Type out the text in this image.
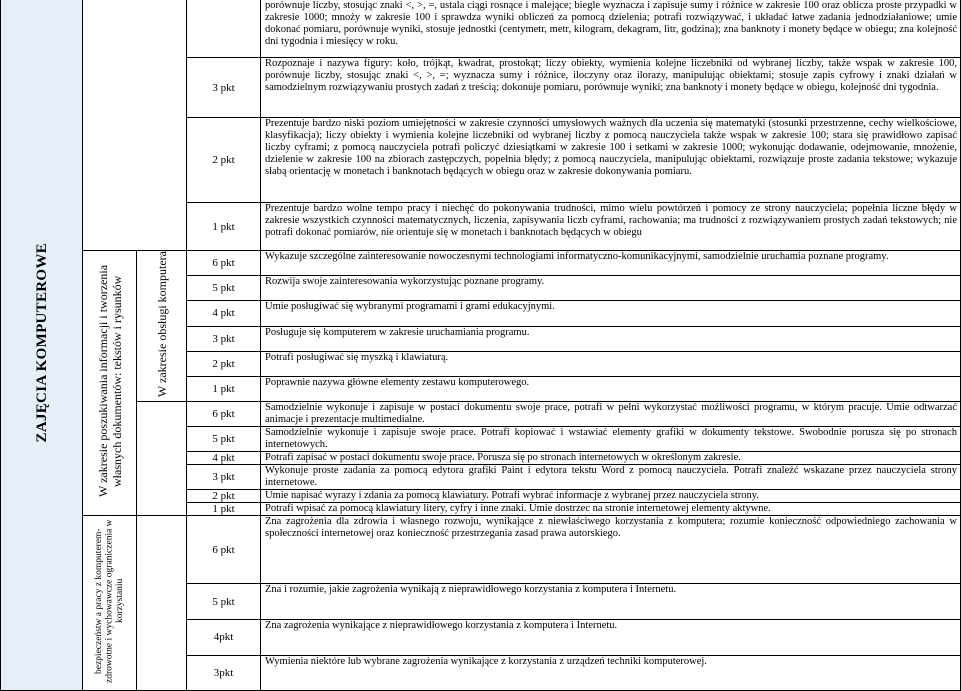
ZAJĘCIA KOMPUTEROWE				porównuje liczby, stosując znaki <, >, =, ustala ciągi rosnące i malejące; biegle wyznacza i zapisuje sumy i różnice w zakresie 100 oraz oblicza proste przypadki w zakresie 1000; mnoży w zakresie 100 i sprawdza wyniki obliczeń za pomocą dzielenia; potrafi rozwiązywać, i układać łatwe zadania jednodziałaniowe; umie dokonać pomiaru, porównuje wyniki, stosuje jednostki (centymetr, metr, kilogram, dekagram, litr, godzina); zna banknoty i monety będące w obiegu; zna kolejność dni tygodnia i miesięcy w roku.
			3 pkt	Rozpoznaje i nazywa figury: koło, trójkąt, kwadrat, prostokąt; liczy obiekty, wymienia kolejne liczebniki od wybranej liczby, także wspak w zakresie 100, porównuje liczby, stosując znaki <, >, =; wyznacza sumy i różnice, iloczyny oraz ilorazy, manipulując obiektami; stosuje zapis cyfrowy i znaki działań w samodzielnym rozwiązywaniu prostych zadań z treścią; dokonuje pomiaru, porównuje wyniki; zna banknoty i monety będące w obiegu, kolejność dni tygodnia.
			2 pkt	Prezentuje bardzo niski poziom umiejętności w zakresie czynności umysłowych ważnych dla uczenia się matematyki (stosunki przestrzenne, cechy wielkościowe, klasyfikacja); liczy obiekty i wymienia kolejne liczebniki od wybranej liczby z pomocą nauczyciela także wspak w zakresie 100; stara się prawidłowo zapisać liczby cyframi; z pomocą nauczyciela potrafi policzyć dziesiątkami w zakresie 100 i setkami w zakresie 1000; wykonując dodawanie, odejmowanie, mnożenie, dzielenie w zakresie 100 na zbiorach zastępczych, popełnia błędy; z pomocą nauczyciela, manipulując obiektami, rozwiązuje proste zadania tekstowe; wykazuje słabą orientację w monetach i banknotach będących w obiegu oraz w zakresie dokonywania pomiaru.
			1 pkt	Prezentuje bardzo wolne tempo pracy i niechęć do pokonywania trudności, mimo wielu powtórzeń i pomocy ze strony nauczyciela; popełnia liczne błędy w zakresie wszystkich czynności matematycznych, liczenia, zapisywania liczb cyframi, rachowania; ma trudności z rozwiązywaniem prostych zadań tekstowych; nie potrafi dokonać pomiarów, nie orientuje się w monetach i banknotach będących w obiegu
	W zakresie poszukiwania informacji i tworzenia własnych dokumentów: tekstów i rysunków	W zakresie obsługi komputera	6 pkt	Wykazuje szczególne zainteresowanie nowoczesnymi technologiami informatyczno-komunikacyjnymi, samodzielnie uruchamia poznane programy.
			5 pkt	Rozwija swoje zainteresowania wykorzystując poznane programy.
			4 pkt	Umie posługiwać się wybranymi programami i grami edukacyjnymi.
			3 pkt	Posługuje się komputerem w zakresie uruchamiania programu.
			2 pkt	Potrafi posługiwać się myszką i klawiaturą.
			1 pkt	Poprawnie nazywa główne elementy zestawu komputerowego.
			6 pkt	Samodzielnie wykonuje i zapisuje w postaci dokumentu swoje prace, potrafi w pełni wykorzystać możliwości programu, w którym pracuje. Umie odtwarzać animacje i prezentacje multimedialne.
			5 pkt	Samodzielnie wykonuje i zapisuje swoje prace. Potrafi kopiować i wstawiać elementy grafiki w dokumenty tekstowe. Swobodnie porusza się po stronach internetowych.
			4 pkt	Potrafi zapisać w postaci dokumentu swoje prace. Porusza się po stronach internetowych w określonym zakresie.
			3 pkt	Wykonuje proste zadania za pomocą edytora grafiki Paint i edytora tekstu Word z pomocą nauczyciela. Potrafi znaleźć wskazane przez nauczyciela strony internetowe.
			2 pkt	Umie napisać wyrazy i zdania za pomocą klawiatury. Potrafi wybrać informacje z wybranej przez nauczyciela strony.
			1 pkt	Potrafi wpisać za pomocą klawiatury litery, cyfry i inne znaki. Umie dostrzec na stronie internetowej elementy aktywne.
	bezpieczeństw a pracy z komputerem- zdrowotne i wychowawcze ograniczenia w korzystaniu		6 pkt	Zna zagrożenia dla zdrowia i własnego rozwoju, wynikające z niewłaściwego korzystania z komputera; rozumie konieczność odpowiedniego zachowania w społeczności internetowej oraz konieczność przestrzegania zasad prawa autorskiego.
			5 pkt	Zna i rozumie, jakie zagrożenia wynikają z nieprawidłowego korzystania z komputera i Internetu.
			4pkt	Zna zagrożenia wynikające z nieprawidłowego korzystania z komputera i Internetu.
			3pkt	Wymienia niektóre lub wybrane zagrożenia wynikające z korzystania z urządzeń techniki komputerowej.
